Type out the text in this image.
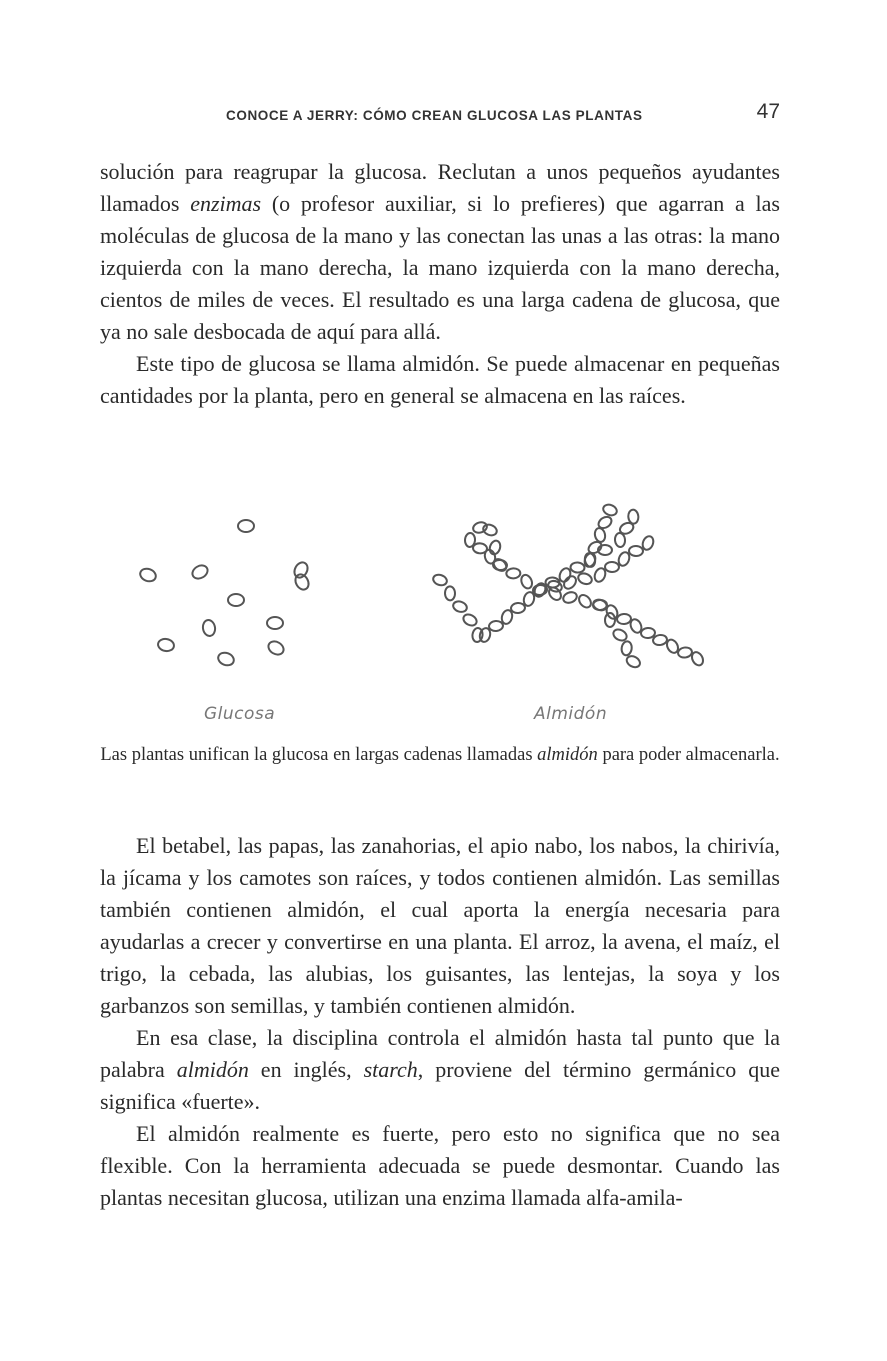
CONOCE A JERRY: CÓMO CREAN GLUCOSA LAS PLANTAS	47

solución para reagrupar la glucosa. Reclutan a unos pequeños ayudantes llamados enzimas (o profesor auxiliar, si lo prefieres) que agarran a las moléculas de glucosa de la mano y las conectan las unas a las otras: la mano izquierda con la mano derecha, la mano izquierda con la mano derecha, cientos de miles de veces. El resultado es una larga cadena de glucosa, que ya no sale desbocada de aquí para allá.

Este tipo de glucosa se llama almidón. Se puede almacenar en pequeñas cantidades por la planta, pero en general se almacena en las raíces.

Glucosa	Almidón
Las plantas unifican la glucosa en largas cadenas llamadas almidón para poder almacenarla.

El betabel, las papas, las zanahorias, el apio nabo, los nabos, la chirivía, la jícama y los camotes son raíces, y todos contienen almidón. Las semillas también contienen almidón, el cual aporta la energía necesaria para ayudarlas a crecer y convertirse en una planta. El arroz, la avena, el maíz, el trigo, la cebada, las alubias, los guisantes, las lentejas, la soya y los garbanzos son semillas, y también contienen almidón.

En esa clase, la disciplina controla el almidón hasta tal punto que la palabra almidón en inglés, starch, proviene del término germánico que significa «fuerte».

El almidón realmente es fuerte, pero esto no significa que no sea flexible. Con la herramienta adecuada se puede desmontar. Cuando las plantas necesitan glucosa, utilizan una enzima llamada alfa-amila-
